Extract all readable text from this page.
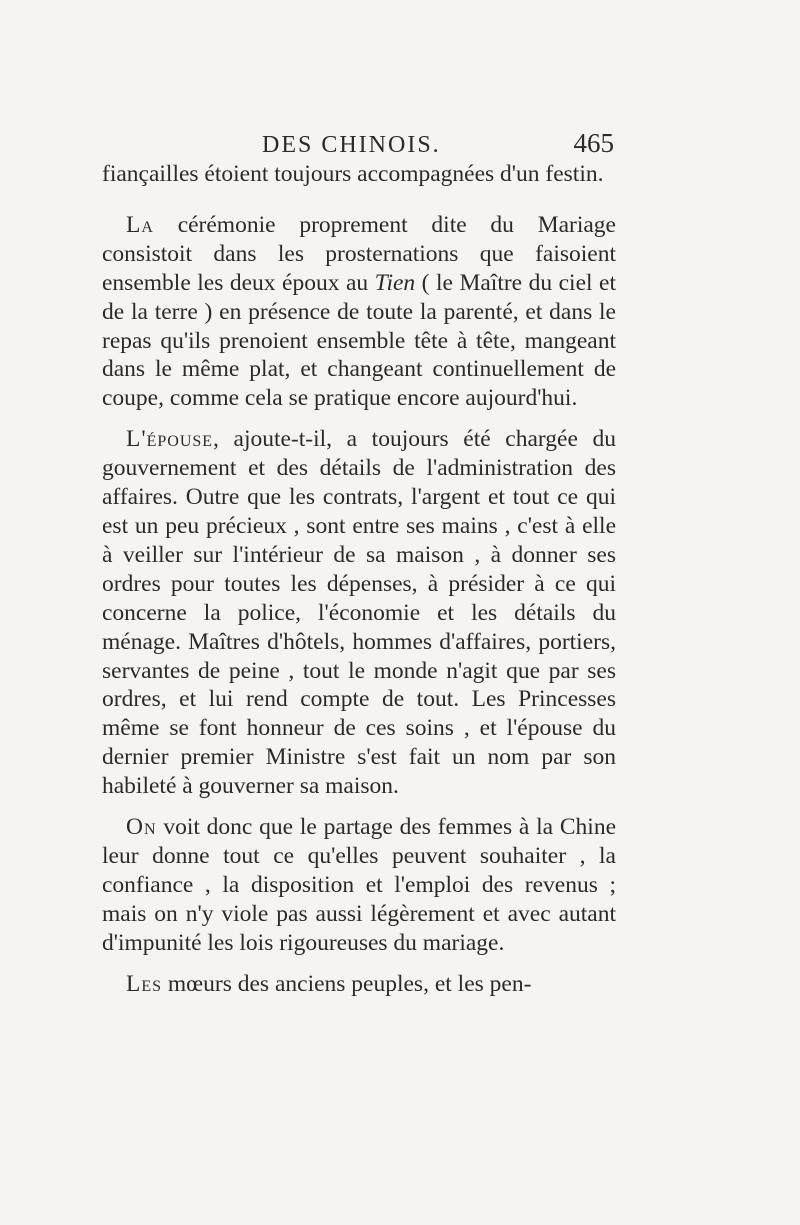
DES CHINOIS.	465

fiançailles étoient toujours accompagnées d'un festin.

La cérémonie proprement dite du Mariage consistoit dans les prosternations que faisoient ensemble les deux époux au Tien ( le Maître du ciel et de la terre ) en présence de toute la parenté, et dans le repas qu'ils prenoient ensemble tête à tête, mangeant dans le même plat, et changeant continuellement de coupe, comme cela se pratique encore aujourd'hui.

L'épouse, ajoute-t-il, a toujours été chargée du gouvernement et des détails de l'administration des affaires. Outre que les contrats, l'argent et tout ce qui est un peu précieux , sont entre ses mains , c'est à elle à veiller sur l'intérieur de sa maison , à donner ses ordres pour toutes les dépenses, à présider à ce qui concerne la police, l'économie et les détails du ménage. Maîtres d'hôtels, hommes d'affaires, portiers, servantes de peine , tout le monde n'agit que par ses ordres, et lui rend compte de tout. Les Princesses même se font honneur de ces soins , et l'épouse du dernier premier Ministre s'est fait un nom par son habileté à gouverner sa maison.

On voit donc que le partage des femmes à la Chine leur donne tout ce qu'elles peuvent souhaiter , la confiance , la disposition et l'emploi des revenus ; mais on n'y viole pas aussi légèrement et avec autant d'impunité les lois rigoureuses du mariage.

Les mœurs des anciens peuples, et les pen-
